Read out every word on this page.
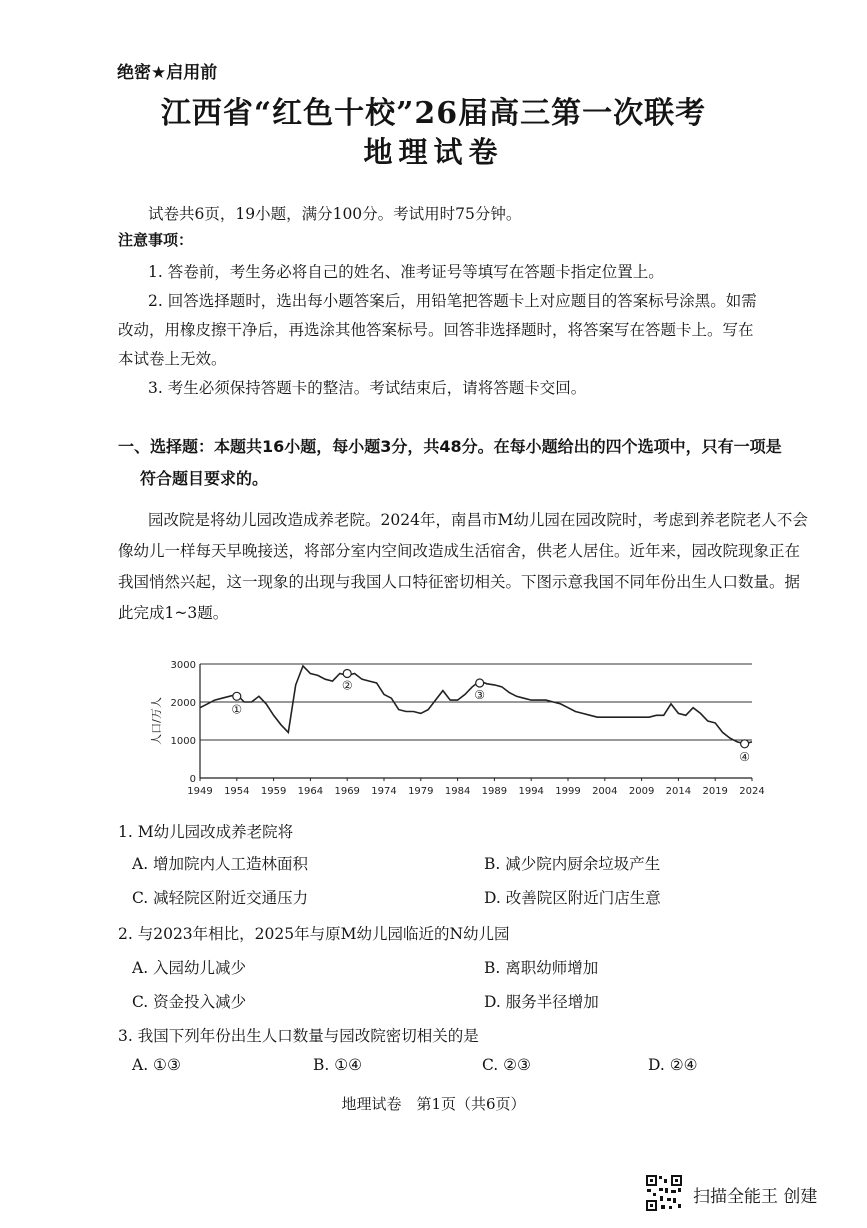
绝密★启用前
江西省“红色十校”26届高三第一次联考
地理试卷
试卷共6页，19小题，满分100分。考试用时75分钟。
注意事项：
1. 答卷前，考生务必将自己的姓名、准考证号等填写在答题卡指定位置上。
2. 回答选择题时，选出每小题答案后，用铅笔把答题卡上对应题目的答案标号涂黑。如需
改动，用橡皮擦干净后，再选涂其他答案标号。回答非选择题时，将答案写在答题卡上。写在
本试卷上无效。
3. 考生必须保持答题卡的整洁。考试结束后，请将答题卡交回。
一、选择题：本题共16小题，每小题3分，共48分。在每小题给出的四个选项中，只有一项是
符合题目要求的。
园改院是将幼儿园改造成养老院。2024年，南昌市M幼儿园在园改院时，考虑到养老院老人不会像幼儿一样每天早晚接送，将部分室内空间改造成生活宿舍，供老人居住。近年来，园改院现象正在我国悄然兴起，这一现象的出现与我国人口特征密切相关。下图示意我国不同年份出生人口数量。据此完成1~3题。
0
1000
2000
3000
1949 1954 1959 1964 1969 1974 1979 1984 1989 1994 1999 2004 2009 2014 2019 2024
①
②
③
④
人口/万人
1. M幼儿园改成养老院将
A. 增加院内人工造林面积	B. 减少院内厨余垃圾产生
C. 减轻院区附近交通压力	D. 改善院区附近门店生意
2. 与2023年相比，2025年与原M幼儿园临近的N幼儿园
A. 入园幼儿减少	B. 离职幼师增加
C. 资金投入减少	D. 服务半径增加
3. 我国下列年份出生人口数量与园改院密切相关的是
A. ①③	B. ①④	C. ②③	D. ②④
地理试卷　第1页（共6页）
扫描全能王 创建
